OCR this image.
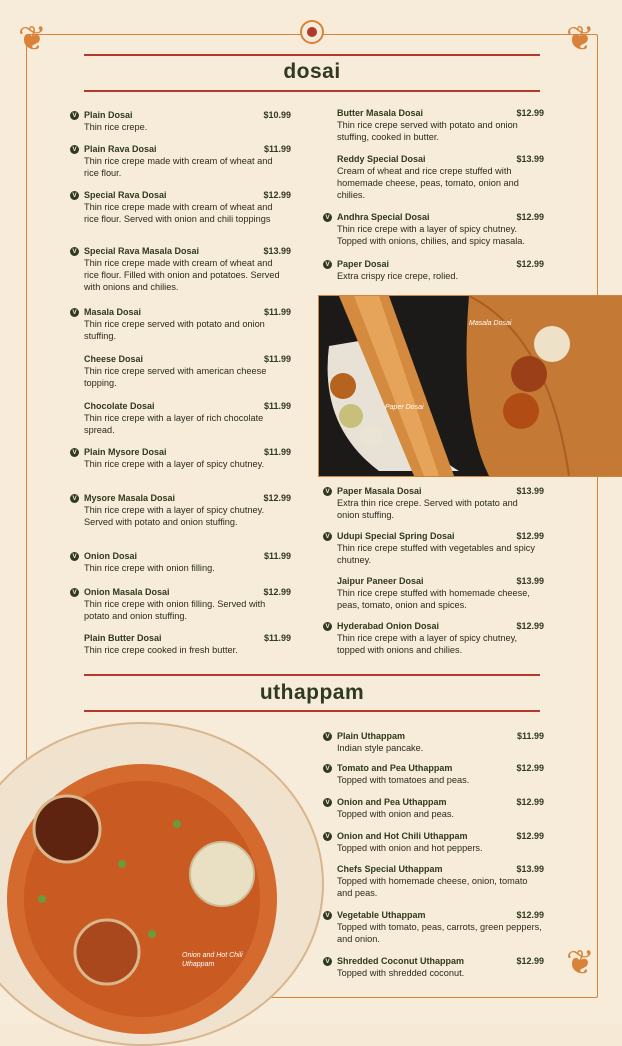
❦	❦
❦
dosai
V Plain Dosai	$10.99
Thin rice crepe.
V Plain Rava Dosai	$11.99
Thin rice crepe made with cream of wheat and rice flour.
V Special Rava Dosai	$12.99
Thin rice crepe made with cream of wheat and rice flour. Served with onion and chili toppings
V Special Rava Masala Dosai	$13.99
Thin rice crepe made with cream of wheat and rice flour. Filled with onion and potatoes. Served with onions and chilies.
V Masala Dosai	$11.99
Thin rice crepe served with potato and onion stuffing.
Cheese Dosai	$11.99
Thin rice crepe served with american cheese topping.
Chocolate Dosai	$11.99
Thin rice crepe with a layer of rich chocolate spread.
V Plain Mysore Dosai	$11.99
Thin rice crepe with a layer of spicy chutney.
V Mysore Masala Dosai	$12.99
Thin rice crepe with a layer of spicy chutney. Served with potato and onion stuffing.
V Onion Dosai	$11.99
Thin rice crepe with onion filling.
V Onion Masala Dosai	$12.99
Thin rice crepe with onion filling. Served with potato and onion stuffing.
Plain Butter Dosai	$11.99
Thin rice crepe cooked in fresh butter.
Butter Masala Dosai	$12.99
Thin rice crepe served with potato and onion stuffing, cooked in butter.
Reddy Special Dosai	$13.99
Cream of wheat and rice crepe stuffed with homemade cheese, peas, tomato, onion and chilies.
V Andhra Special Dosai	$12.99
Thin rice crepe with a layer of spicy chutney. Topped with onions, chilies, and spicy masala.
V Paper Dosai	$12.99
Extra crispy rice crepe, rolied.
Masala Dosai
Paper Dosai
V Paper Masala Dosai	$13.99
Extra thin rice crepe. Served with potato and onion stuffing.
V Udupi Special Spring Dosai	$12.99
Thin rice crepe stuffed with vegetables and spicy chutney.
Jaipur Paneer Dosai	$13.99
Thin rice crepe stuffed with homemade cheese, peas, tomato, onion and spices.
V Hyderabad Onion Dosai	$12.99
Thin rice crepe with a layer of spicy chutney, topped with onions and chilies.
uthappam
Onion and Hot Chili
Uthappam
V Plain Uthappam	$11.99
Indian style pancake.
V Tomato and Pea Uthappam	$12.99
Topped with tomatoes and peas.
V Onion and Pea Uthappam	$12.99
Topped with onion and peas.
V Onion and Hot Chili Uthappam	$12.99
Topped with onion and hot peppers.
Chefs Special Uthappam	$13.99
Topped with homemade cheese, onion, tomato and peas.
V Vegetable Uthappam	$12.99
Topped with tomato, peas, carrots, green peppers, and onion.
V Shredded Coconut Uthappam	$12.99
Topped with shredded coconut.
